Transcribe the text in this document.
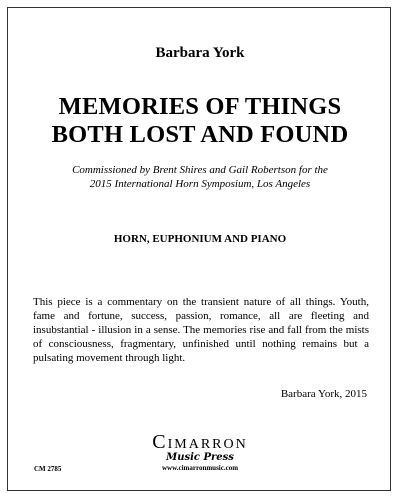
Barbara York
MEMORIES OF THINGS
BOTH LOST AND FOUND
Commissioned by Brent Shires and Gail Robertson for the
2015 International Horn Symposium, Los Angeles
HORN, EUPHONIUM AND PIANO
This piece is a commentary on the transient nature of all things. Youth, fame and fortune, success, passion, romance, all are fleeting and insubstantial - illusion in a sense. The memories rise and fall from the mists of consciousness, fragmentary, unfinished until nothing remains but a pulsating movement through light.
Barbara York, 2015
CM 2785
Cimarron
Music Press
www.cimarronmusic.com
